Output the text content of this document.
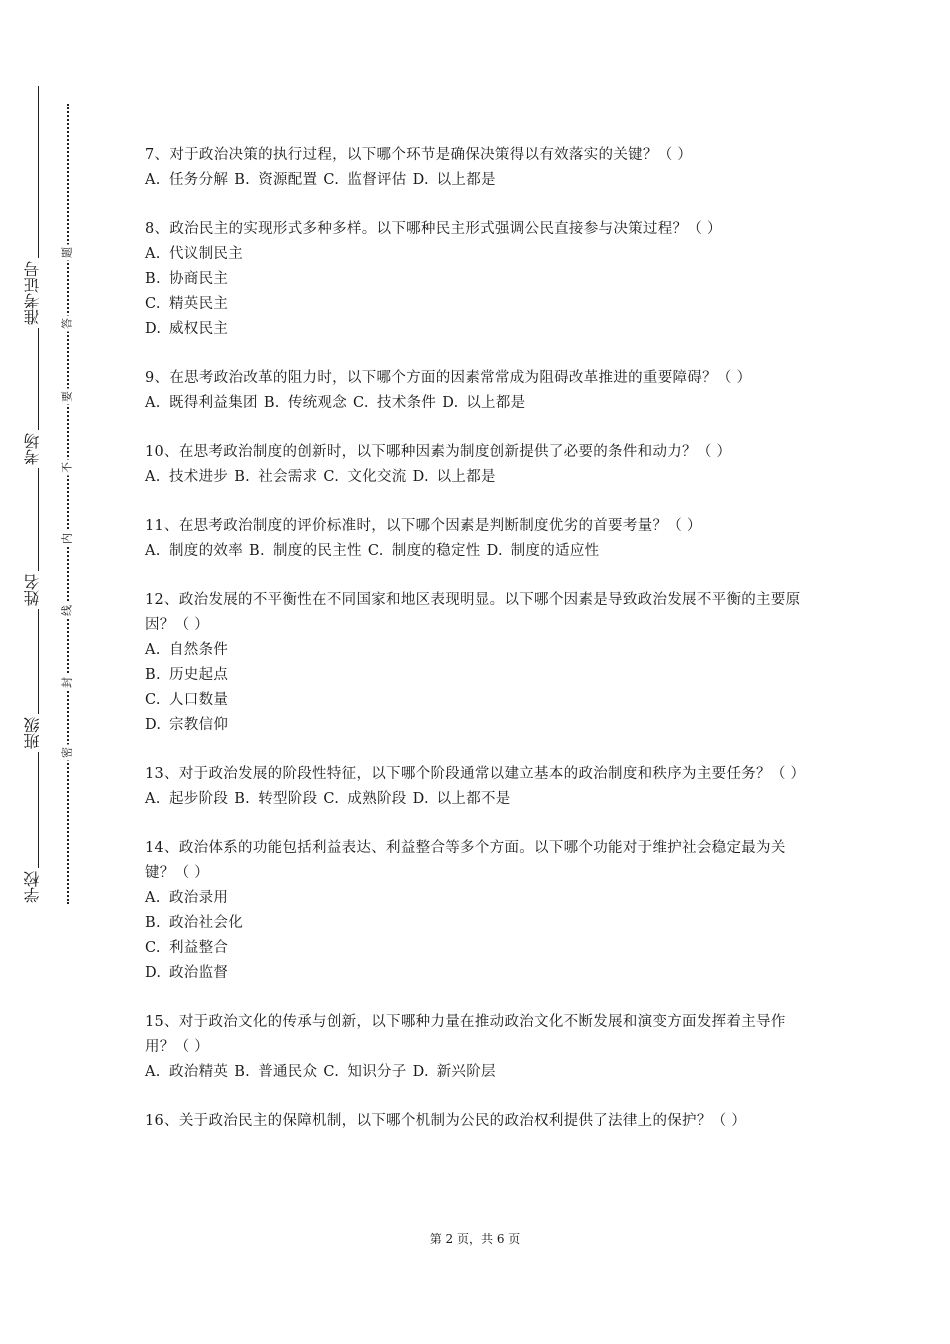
学校
班级
姓名
考场
准考证号
密
封
线
内
不
要
答
题

7、对于政治决策的执行过程，以下哪个环节是确保决策得以有效落实的关键？（ ）

A. 任务分解 B. 资源配置 C. 监督评估 D. 以上都是

8、政治民主的实现形式多种多样。以下哪种民主形式强调公民直接参与决策过程？（ ）

A. 代议制民主

B. 协商民主

C. 精英民主

D. 威权民主

9、在思考政治改革的阻力时，以下哪个方面的因素常常成为阻碍改革推进的重要障碍？（ ）

A. 既得利益集团 B. 传统观念 C. 技术条件 D. 以上都是

10、在思考政治制度的创新时，以下哪种因素为制度创新提供了必要的条件和动力？（ ）

A. 技术进步 B. 社会需求 C. 文化交流 D. 以上都是

11、在思考政治制度的评价标准时，以下哪个因素是判断制度优劣的首要考量？（ ）

A. 制度的效率 B. 制度的民主性 C. 制度的稳定性 D. 制度的适应性

12、政治发展的不平衡性在不同国家和地区表现明显。以下哪个因素是导致政治发展不平衡的主要原因？（ ）

A. 自然条件

B. 历史起点

C. 人口数量

D. 宗教信仰

13、对于政治发展的阶段性特征，以下哪个阶段通常以建立基本的政治制度和秩序为主要任务？（ ）

A. 起步阶段 B. 转型阶段 C. 成熟阶段 D. 以上都不是

14、政治体系的功能包括利益表达、利益整合等多个方面。以下哪个功能对于维护社会稳定最为关键？（ ）

A. 政治录用

B. 政治社会化

C. 利益整合

D. 政治监督

15、对于政治文化的传承与创新，以下哪种力量在推动政治文化不断发展和演变方面发挥着主导作用？（ ）

A. 政治精英 B. 普通民众 C. 知识分子 D. 新兴阶层

16、关于政治民主的保障机制，以下哪个机制为公民的政治权利提供了法律上的保护？（ ）

第 2 页，共 6 页
